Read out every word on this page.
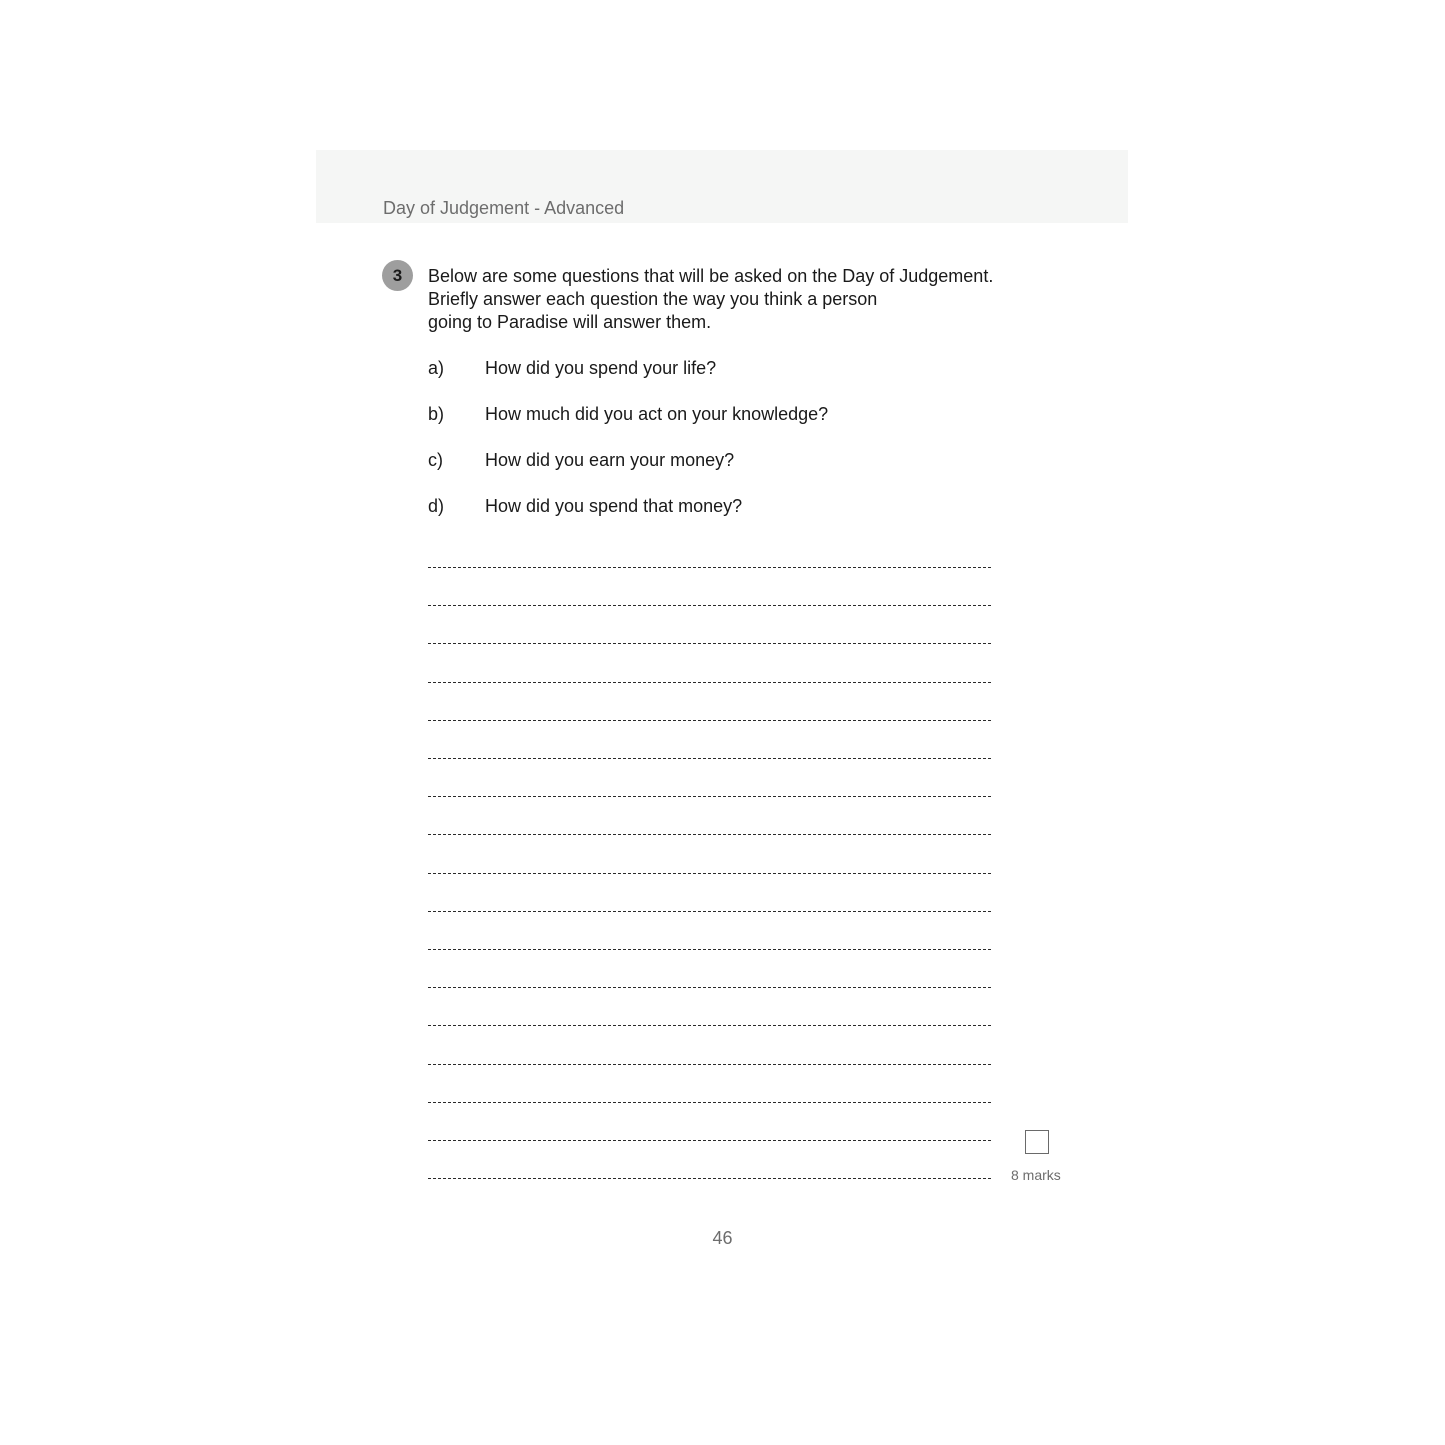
Day of Judgement - Advanced
3	Below are some questions that will be asked on the Day of Judgement.
Briefly answer each question the way you think a person
going to Paradise will answer them.
a) How did you spend your life?
b) How much did you act on your knowledge?
c) How did you earn your money?
d) How did you spend that money?
8 marks
46
